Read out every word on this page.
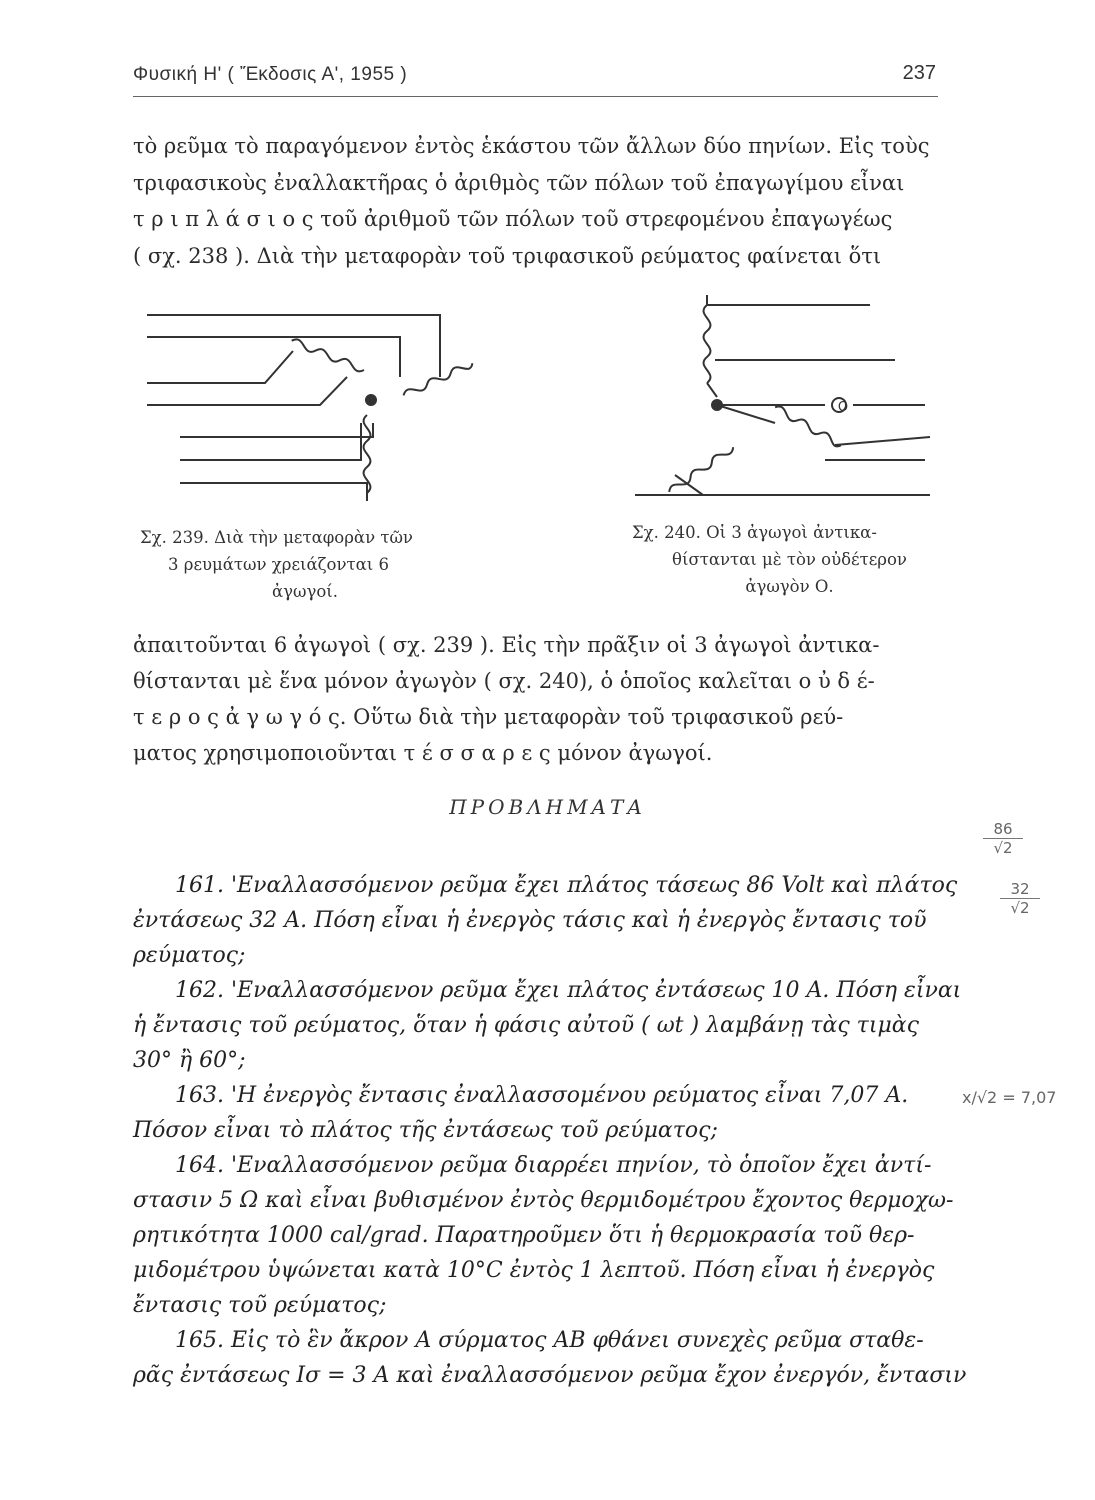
Φυσική Η' ( Ἔκδοσις Α', 1955 )	237
τὸ ρεῦμα τὸ παραγόμενον ἐντὸς ἑκάστου τῶν ἄλλων δύο πηνίων. Εἰς τοὺς
τριφασικοὺς ἐναλλακτῆρας ὁ ἀριθμὸς τῶν πόλων τοῦ ἐπαγωγίμου εἶναι
τ ρ ι π λ ά σ ι ο ς τοῦ ἀριθμοῦ τῶν πόλων τοῦ στρεφομένου ἐπαγωγέως
( σχ. 238 ). Διὰ τὴν μεταφορὰν τοῦ τριφασικοῦ ρεύματος φαίνεται ὅτι
O
Σχ. 239. Διὰ τὴν μεταφορὰν τῶν
3 ρευμάτων χρειάζονται 6
ἀγωγοί.
Σχ. 240. Οἱ 3 ἀγωγοὶ ἀντικα-
θίστανται μὲ τὸν οὐδέτερον
ἀγωγὸν Ο.
ἀπαιτοῦνται 6 ἀγωγοὶ ( σχ. 239 ). Εἰς τὴν πρᾶξιν οἱ 3 ἀγωγοὶ ἀντικα-
θίστανται μὲ ἕνα μόνον ἀγωγὸν ( σχ. 240), ὁ ὁποῖος καλεῖται ο ὐ δ έ-
τ ε ρ ο ς ἀ γ ω γ ό ς. Οὕτω διὰ τὴν μεταφορὰν τοῦ τριφασικοῦ ρεύ-
ματος χρησιμοποιοῦνται τ έ σ σ α ρ ε ς μόνον ἀγωγοί.
ΠΡΟΒΛΗΜΑΤΑ
161. 'Εναλλασσόμενον ρεῦμα ἔχει πλάτος τάσεως 86 Volt καὶ πλάτος
ἐντάσεως 32 Α. Πόση εἶναι ἡ ἐνεργὸς τάσις καὶ ἡ ἐνεργὸς ἔντασις τοῦ
ρεύματος;
162. 'Εναλλασσόμενον ρεῦμα ἔχει πλάτος ἐντάσεως 10 Α. Πόση εἶναι
ἡ ἔντασις τοῦ ρεύματος, ὅταν ἡ φάσις αὐτοῦ ( ωt ) λαμβάνῃ τὰς τιμὰς
30° ἢ 60°;
163. 'Η ἐνεργὸς ἔντασις ἐναλλασσομένου ρεύματος εἶναι 7,07 Α.
Πόσον εἶναι τὸ πλάτος τῆς ἐντάσεως τοῦ ρεύματος;
164. 'Εναλλασσόμενον ρεῦμα διαρρέει πηνίον, τὸ ὁποῖον ἔχει ἀντί-
στασιν 5 Ω καὶ εἶναι βυθισμένον ἐντὸς θερμιδομέτρου ἔχοντος θερμοχω-
ρητικότητα 1000 cal/grad. Παρατηροῦμεν ὅτι ἡ θερμοκρασία τοῦ θερ-
μιδομέτρου ὑψώνεται κατὰ 10°C ἐντὸς 1 λεπτοῦ. Πόση εἶναι ἡ ἐνεργὸς
ἔντασις τοῦ ρεύματος;
165. Εἰς τὸ ἓν ἄκρον Α σύρματος ΑΒ φθάνει συνεχὲς ρεῦμα σταθε-
ρᾶς ἐντάσεως Iσ = 3 Α καὶ ἐναλλασσόμενον ρεῦμα ἔχον ἐνεργόν, ἔντασιν
$\frac{86}{√2}$
$\frac{32}{√2}$
x/√2 = 7,07
